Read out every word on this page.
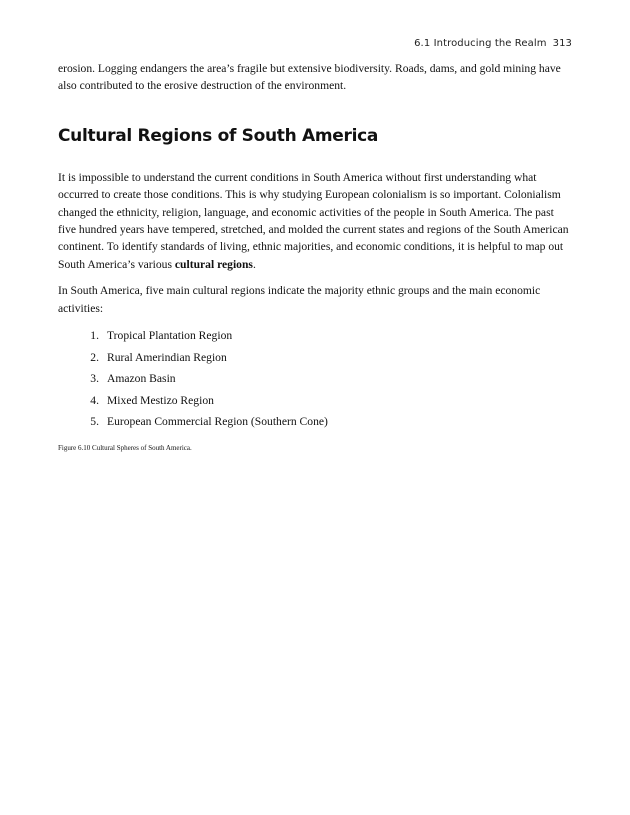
6.1 Introducing the Realm 313

erosion. Logging endangers the area’s fragile but extensive biodiversity. Roads, dams, and gold mining have also contributed to the erosive destruction of the environment.

Cultural Regions of South America

It is impossible to understand the current conditions in South America without first understanding what occurred to create those conditions. This is why studying European colonialism is so important. Colonialism changed the ethnicity, religion, language, and economic activities of the people in South America. The past five hundred years have tempered, stretched, and molded the current states and regions of the South American continent. To identify standards of living, ethnic majorities, and economic conditions, it is helpful to map out South America’s various cultural regions.

In South America, five main cultural regions indicate the majority ethnic groups and the main economic activities:

1. Tropical Plantation Region
2. Rural Amerindian Region
3. Amazon Basin
4. Mixed Mestizo Region
5. European Commercial Region (Southern Cone)

Figure 6.10 Cultural Spheres of South America.
